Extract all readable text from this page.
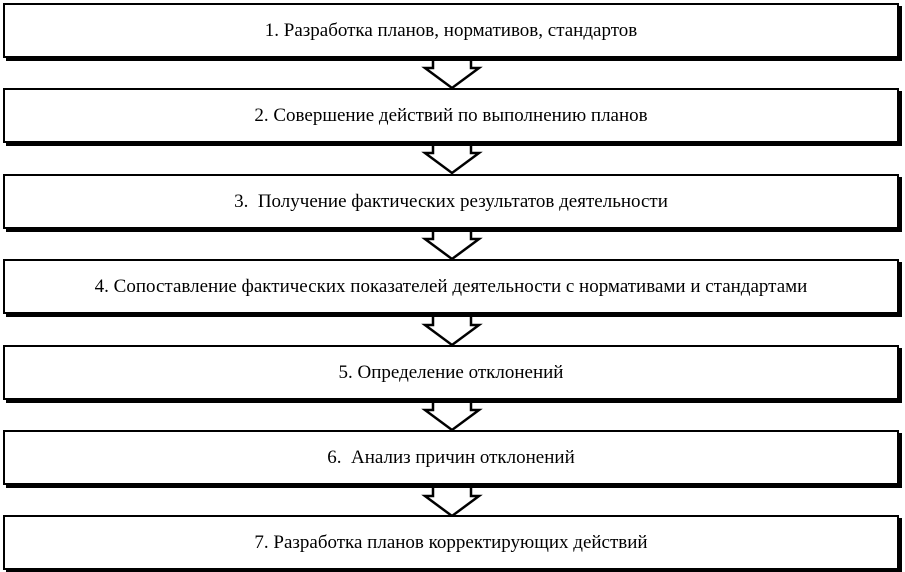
1. Разработка планов, нормативов, стандартов
2. Совершение действий по выполнению планов
3.  Получение фактических результатов деятельности
4. Сопоставление фактических показателей деятельности с нормативами и стандартами
5. Определение отклонений
6.  Анализ причин отклонений
7. Разработка планов корректирующих действий
